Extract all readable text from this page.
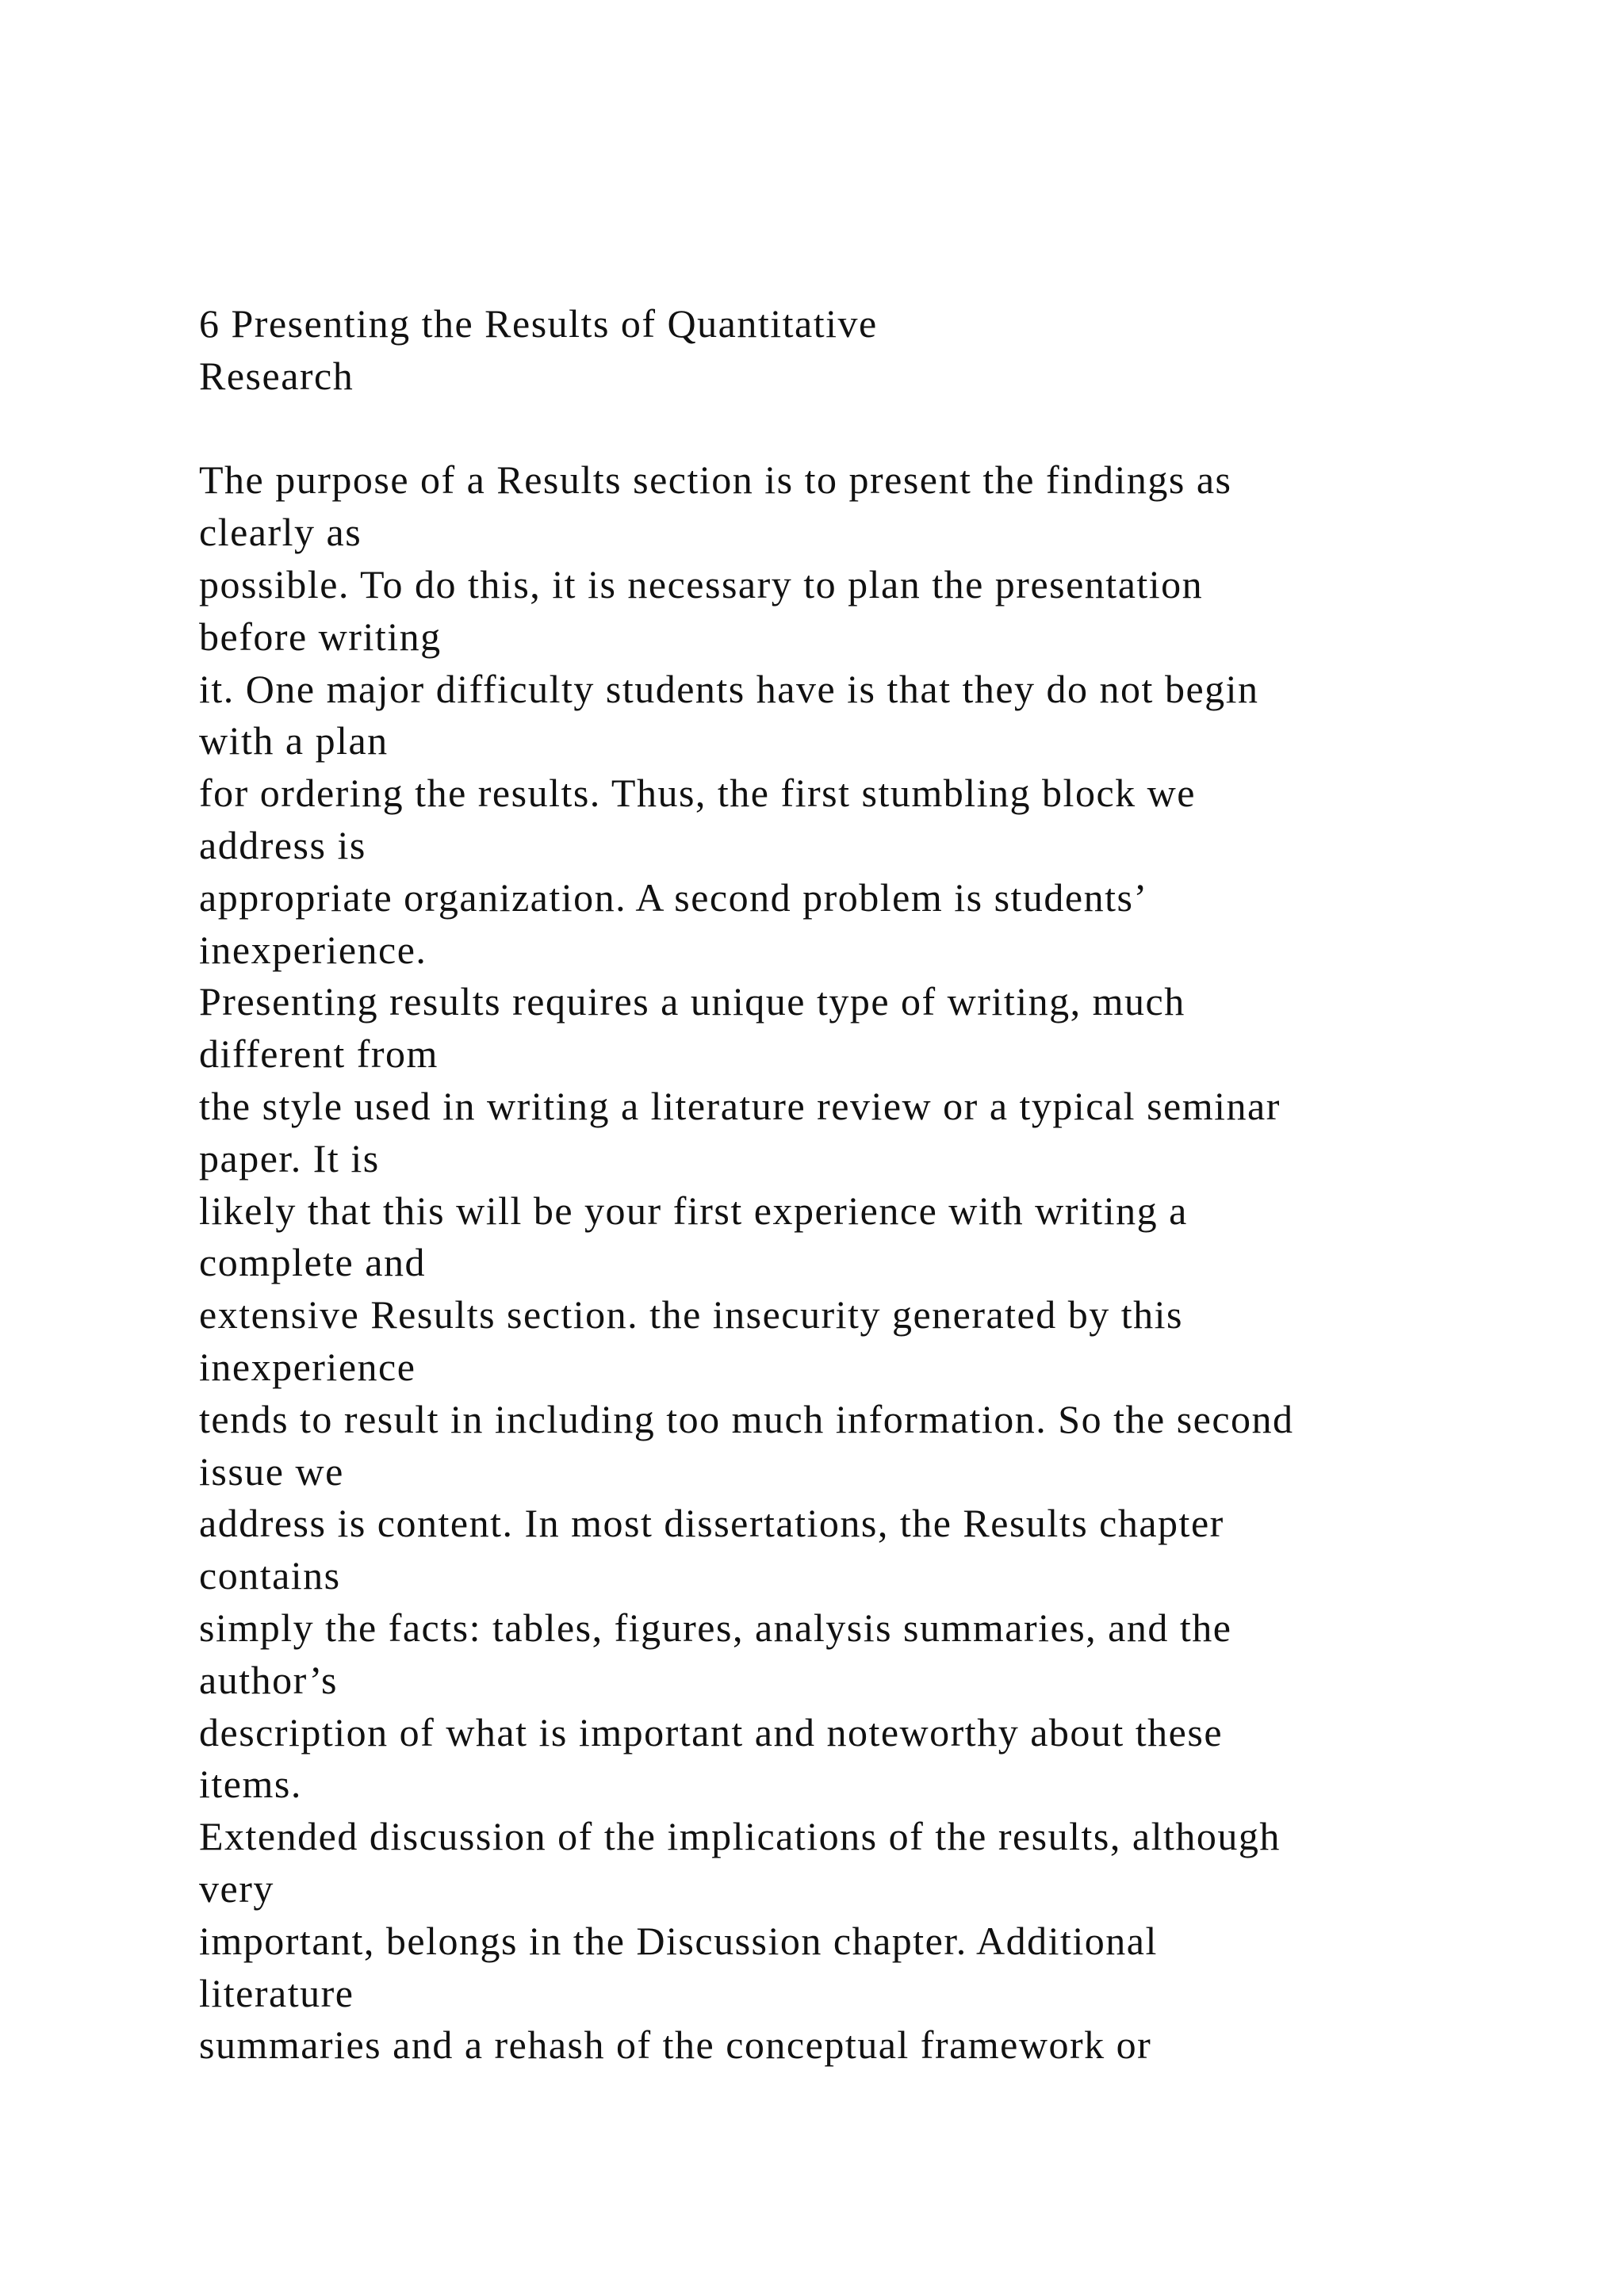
6 Presenting the Results of Quantitative
Research
The purpose of a Results section is to present the findings as
clearly as
possible. To do this, it is necessary to plan the presentation
before writing
it. One major difficulty students have is that they do not begin
with a plan
for ordering the results. Thus, the first stumbling block we
address is
appropriate organization. A second problem is students’
inexperience.
Presenting results requires a unique type of writing, much
different from
the style used in writing a literature review or a typical seminar
paper. It is
likely that this will be your first experience with writing a
complete and
extensive Results section. the insecurity generated by this
inexperience
tends to result in including too much information. So the second
issue we
address is content. In most dissertations, the Results chapter
contains
simply the facts: tables, figures, analysis summaries, and the
author’s
description of what is important and noteworthy about these
items.
Extended discussion of the implications of the results, although
very
important, belongs in the Discussion chapter. Additional
literature
summaries and a rehash of the conceptual framework or
